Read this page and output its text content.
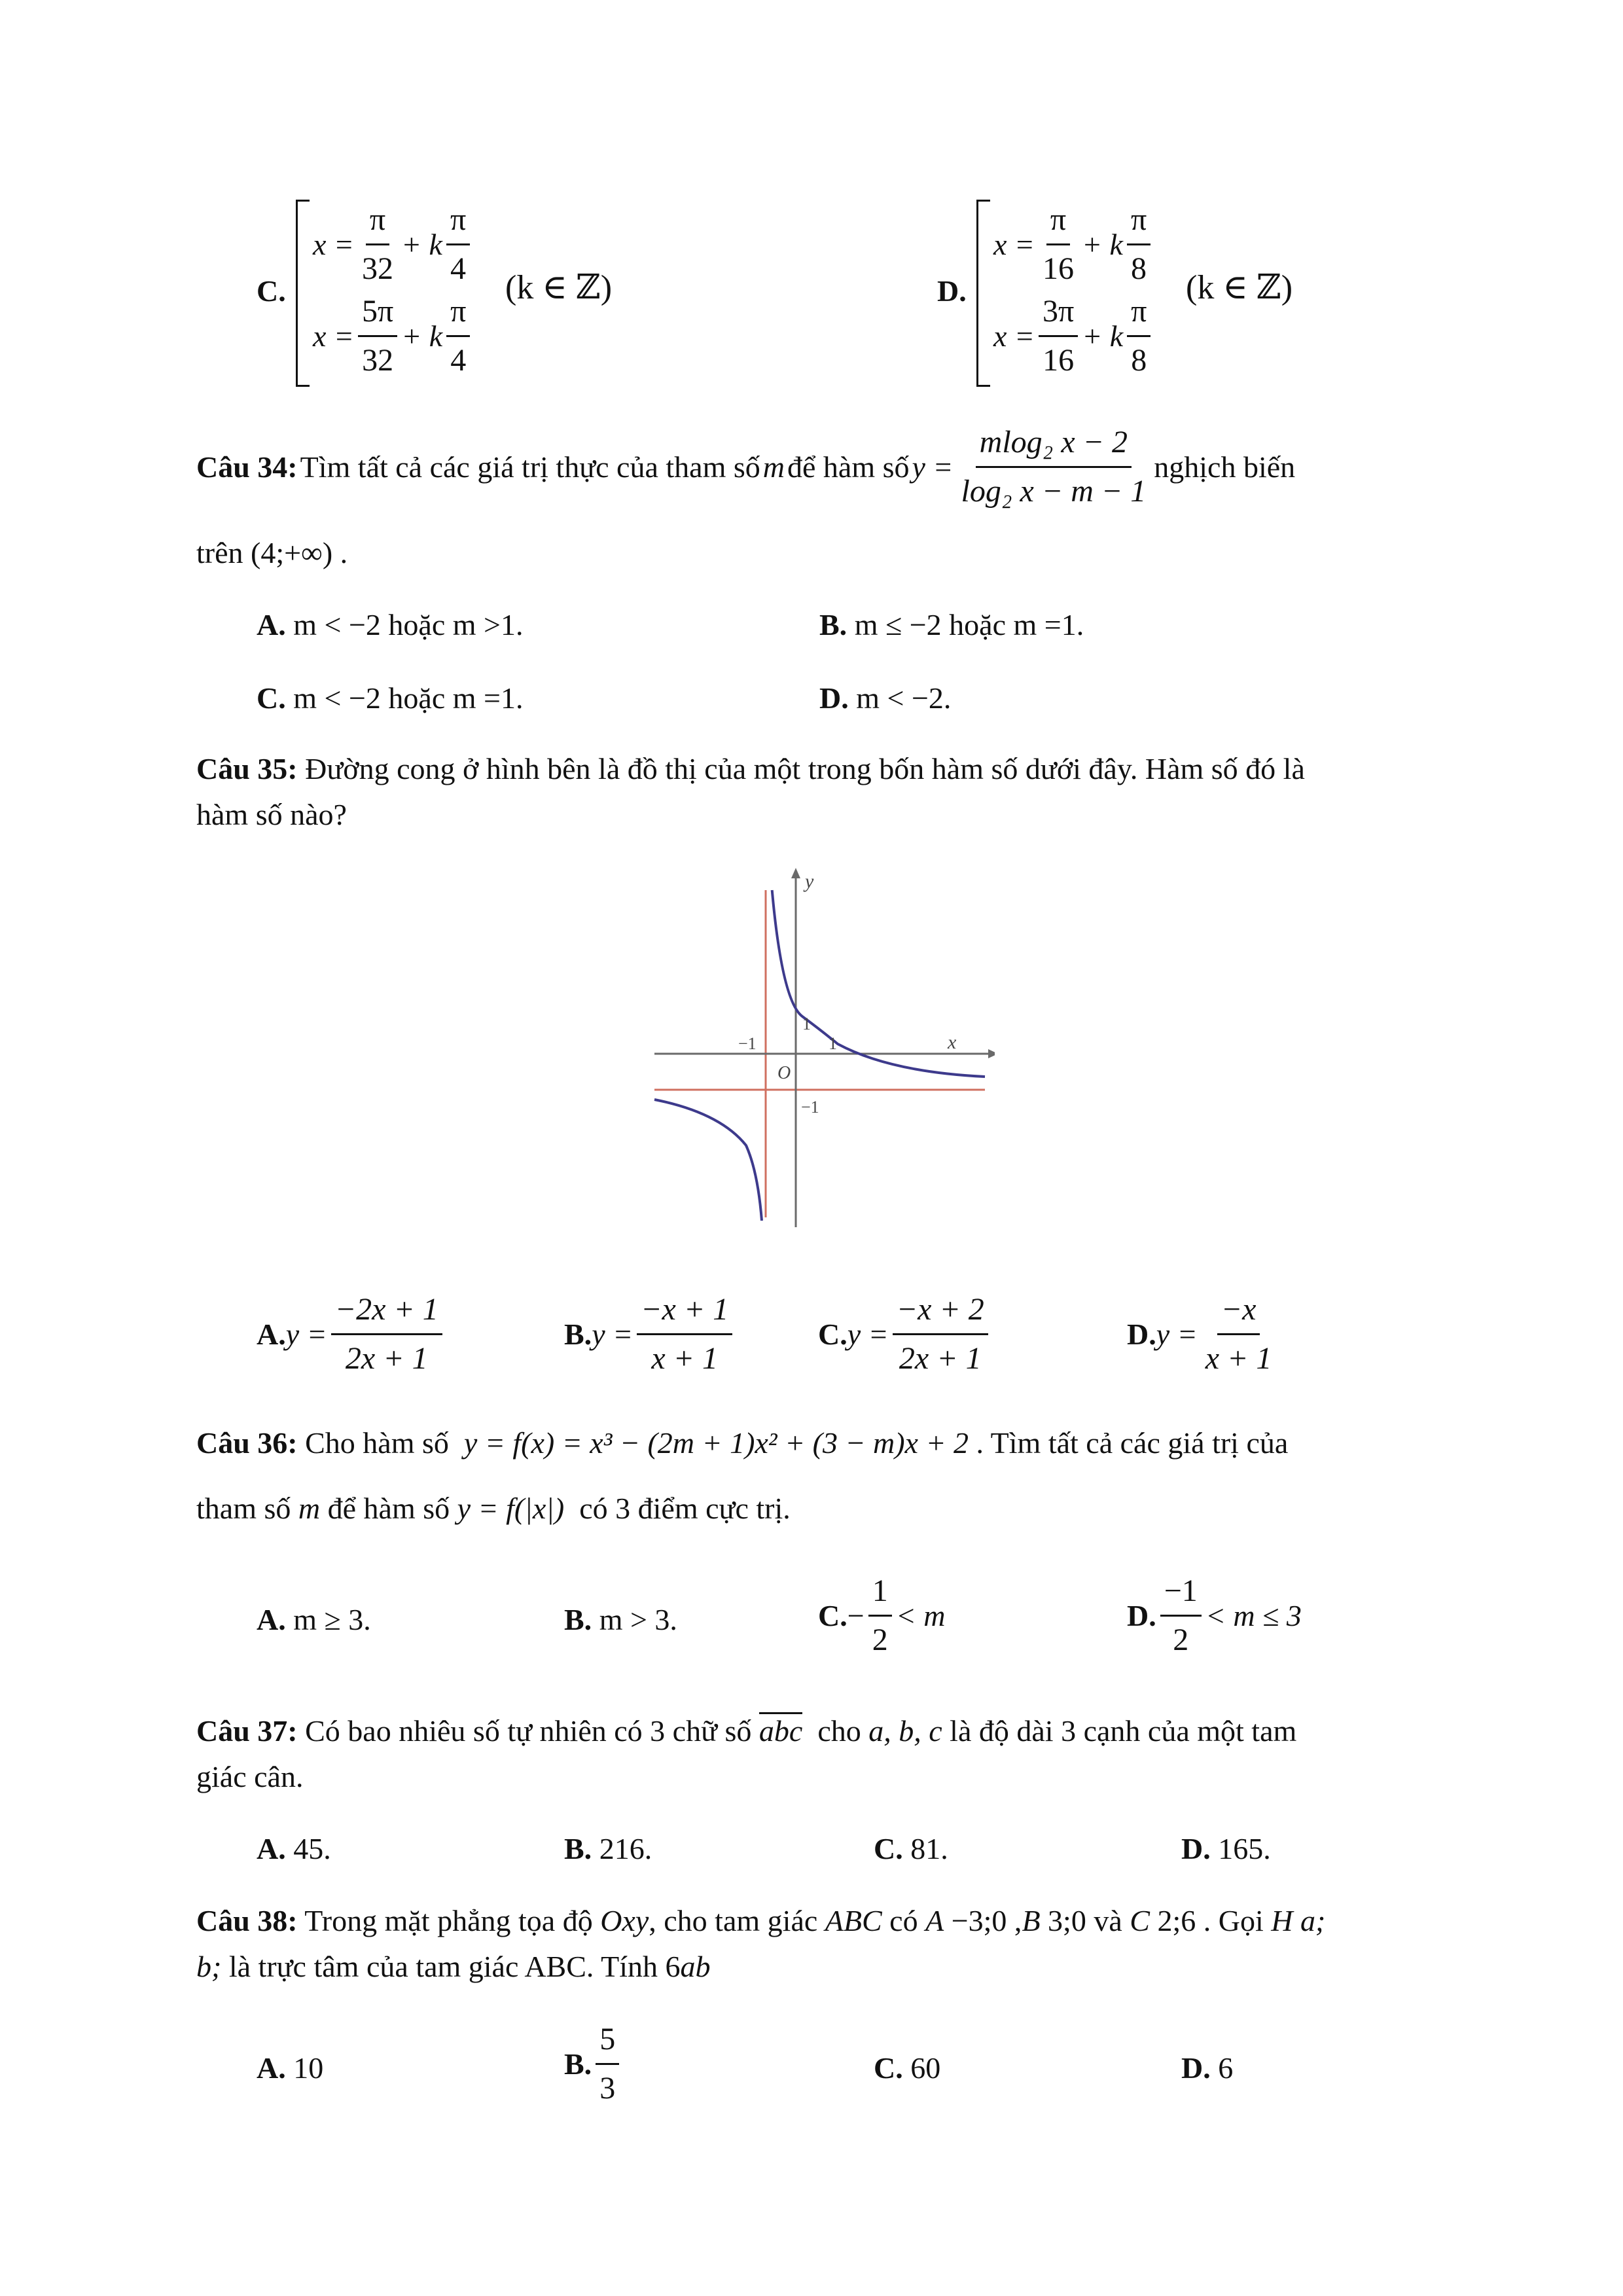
C.
$x = \frac{\pi}{32} + k \frac{\pi}{4}$
$x = \frac{5\pi}{32} + k \frac{\pi}{4}$
(k ∈ ℤ)	D.
$x = \frac{\pi}{16} + k \frac{\pi}{8}$
$x = \frac{3\pi}{16} + k \frac{\pi}{8}$
(k ∈ ℤ)
Câu 34:
Tìm tất cả các giá trị thực của tham số
m
để hàm số
$y = \frac{\text{mlog₂ x − 2}}{\text{log₂ x − m − 1}}$ nghịch biến
trên (4;+∞) .
A. m < −2 hoặc m >1.	B. m ≤ −2 hoặc m =1.
C. m < −2 hoặc m =1.	D. m < −2.
Câu 35: Đường cong ở hình bên là đồ thị của một trong bốn hàm số dưới đây. Hàm số đó là
hàm số nào?
y
x
O
−1	1
1
−1
A. $y = \frac{-2x + 1}{2x + 1}$	B. $y = \frac{-x + 1}{x + 1}$	C. $y = \frac{-x + 2}{2x + 1}$	D. $y = \frac{-x}{x + 1}$
Câu 36: Cho hàm số y = f(x) = x³ − (2m + 1)x² + (3 − m)x + 2 . Tìm tất cả các giá trị của
tham số m để hàm số y = f(|x|) có 3 điểm cực trị.
A. m ≥ 3.	B. m > 3.	C. − $\frac{1}{2} < m$	D. $\frac{-1}{2} < m \le 3$
Câu 37: Có bao nhiêu số tự nhiên có 3 chữ số abc cho a, b, c là độ dài 3 cạnh của một tam
giác cân.
A. 45.	B. 216.	C. 81.	D. 165.
Câu 38: Trong mặt phẳng tọa độ Oxy, cho tam giác ABC có A −3;0 ,B 3;0 và C 2;6 . Gọi H a;
b; là trực tâm của tam giác ABC. Tính 6ab
A. 10	B. $\frac{5}{3}$	C. 60	D. 6
